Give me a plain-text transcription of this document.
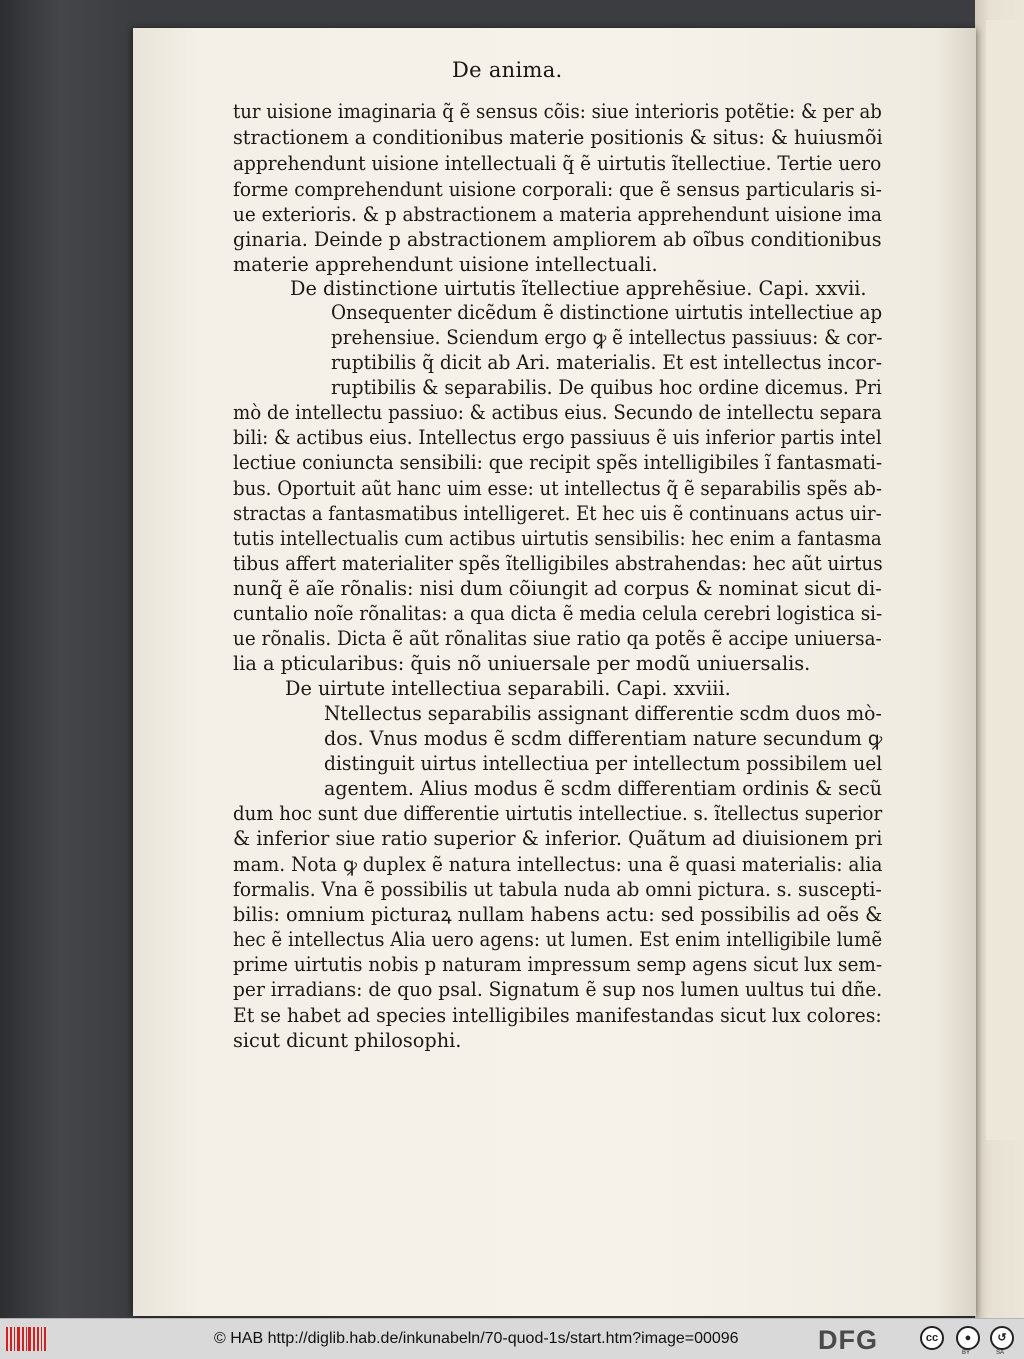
De anima.
tur uisione imaginaria q̃ ẽ sensus cõis: siue interioris potẽtie: & per ab
stractionem a conditionibus materie positionis & situs: & huiusmõi
apprehendunt uisione intellectuali q̃ ẽ uirtutis ĩtellectiue. Tertie uero
forme comprehendunt uisione corporali: que ẽ sensus particularis si-
ue exterioris. & p abstractionem a materia apprehendunt uisione ima
ginaria. Deinde p abstractionem ampliorem ab oĩbus conditionibus
materie apprehendunt uisione intellectuali.
De distinctione uirtutis ĩtellectiue apprehẽsiue. Capi. xxvii.
Onsequenter dicẽdum ẽ distinctione uirtutis intellectiue ap
prehensiue. Sciendum ergo ꝙ ẽ intellectus passiuus: & cor-
ruptibilis q̃ dicit ab Ari. materialis. Et est intellectus incor-
ruptibilis & separabilis. De quibus hoc ordine dicemus. Pri
mò de intellectu passiuo: & actibus eius. Secundo de intellectu separa
bili: & actibus eius. Intellectus ergo passiuus ẽ uis inferior partis intel
lectiue coniuncta sensibili: que recipit spẽs intelligibiles ĩ fantasmati-
bus. Oportuit aũt hanc uim esse: ut intellectus q̃ ẽ separabilis spẽs ab-
stractas a fantasmatibus intelligeret. Et hec uis ẽ continuans actus uir-
tutis intellectualis cum actibus uirtutis sensibilis: hec enim a fantasma
tibus affert materialiter spẽs ĩtelligibiles abstrahendas: hec aũt uirtus
nunq̃ ẽ aĩe rõnalis: nisi dum cõiungit ad corpus & nominat sicut di-
cuntalio noĩe rõnalitas: a qua dicta ẽ media celula cerebri logistica si-
ue rõnalis. Dicta ẽ aũt rõnalitas siue ratio qa potẽs ẽ accipe uniuersa-
lia a pticularibus: q̃uis nõ uniuersale per modũ uniuersalis.
De uirtute intellectiua separabili. Capi. xxviii.
Ntellectus separabilis assignant differentie scdm duos mò-
dos. Vnus modus ẽ scdm differentiam nature secundum ꝙ
distinguit uirtus intellectiua per intellectum possibilem uel
agentem. Alius modus ẽ scdm differentiam ordinis & secũ
dum hoc sunt due differentie uirtutis intellectiue. s. ĩtellectus superior
& inferior siue ratio superior & inferior. Quãtum ad diuisionem pri
mam. Nota ꝙ duplex ẽ natura intellectus: una ẽ quasi materialis: alia
formalis. Vna ẽ possibilis ut tabula nuda ab omni pictura. s. suscepti-
bilis: omnium picturaꝝ nullam habens actu: sed possibilis ad oẽs &
hec ẽ intellectus Alia uero agens: ut lumen. Est enim intelligibile lumẽ
prime uirtutis nobis p naturam impressum semp agens sicut lux sem-
per irradians: de quo psal. Signatum ẽ sup nos lumen uultus tui dñe.
Et se habet ad species intelligibiles manifestandas sicut lux colores:
sicut dicunt philosophi.
© HAB http://diglib.hab.de/inkunabeln/70-quod-1s/start.htm?image=00096	DFG	cc	●	↺
BY	SA
